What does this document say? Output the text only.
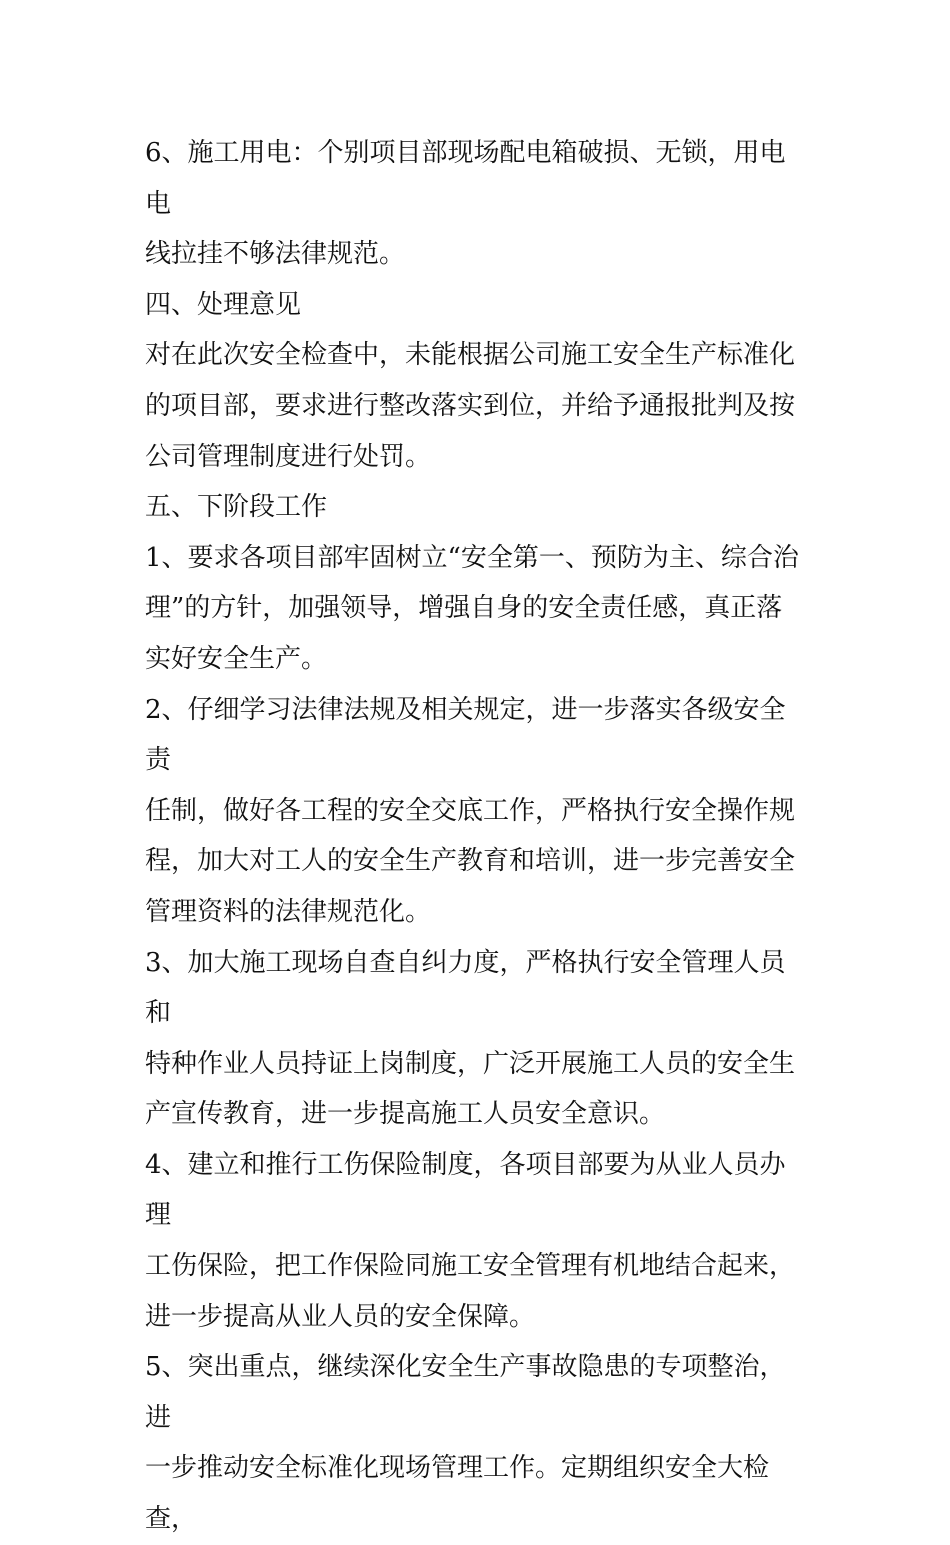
6、施工用电：个别项目部现场配电箱破损、无锁，用电电

线拉挂不够法律规范。

四、处理意见

对在此次安全检查中，未能根据公司施工安全生产标准化

的项目部，要求进行整改落实到位，并给予通报批判及按

公司管理制度进行处罚。

五、下阶段工作

1、要求各项目部牢固树立“安全第一、预防为主、综合治

理”的方针，加强领导，增强自身的安全责任感，真正落

实好安全生产。

2、仔细学习法律法规及相关规定，进一步落实各级安全责

任制，做好各工程的安全交底工作，严格执行安全操作规

程，加大对工人的安全生产教育和培训，进一步完善安全

管理资料的法律规范化。

3、加大施工现场自查自纠力度，严格执行安全管理人员和

特种作业人员持证上岗制度，广泛开展施工人员的安全生

产宣传教育，进一步提高施工人员安全意识。

4、建立和推行工伤保险制度，各项目部要为从业人员办理

工伤保险，把工作保险同施工安全管理有机地结合起来，

进一步提高从业人员的安全保障。

5、突出重点，继续深化安全生产事故隐患的专项整治，进

一步推动安全标准化现场管理工作。定期组织安全大检查，
